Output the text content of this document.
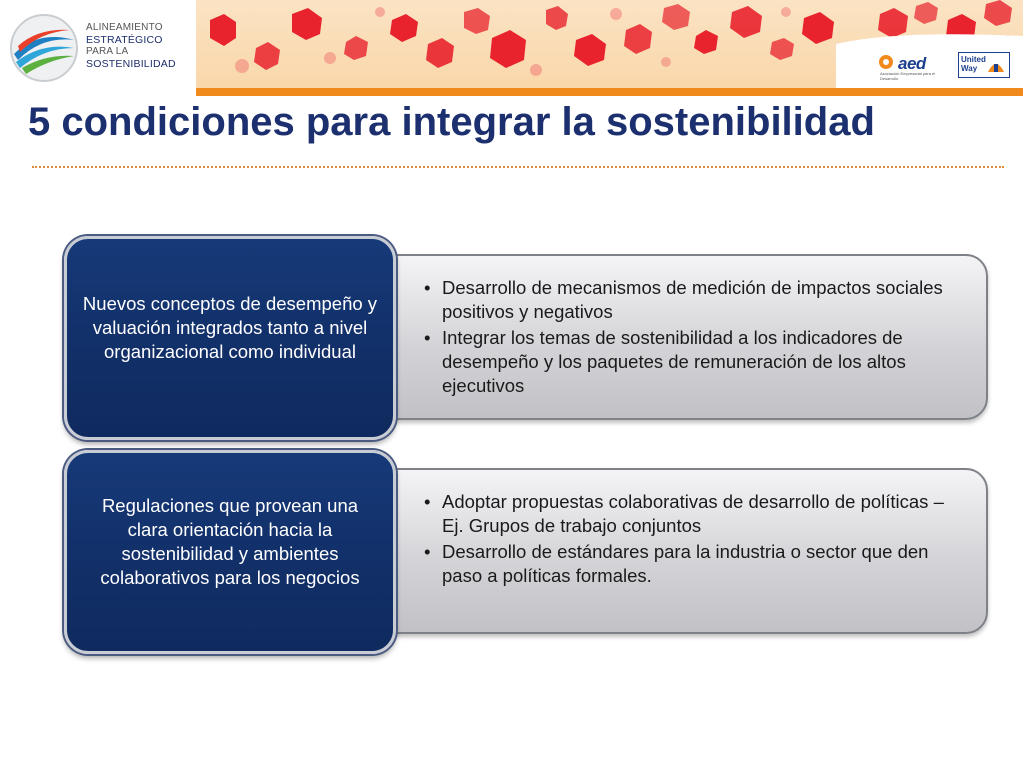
ALINEAMIENTO
ESTRATÉGICO
PARA LA
SOSTENIBILIDAD	aed
Asociación Empresarial para el Desarrollo
United
Way
5 condiciones para integrar la sostenibilidad
• Desarrollo de mecanismos de medición de impactos sociales positivos y negativos
• Integrar los temas de sostenibilidad a los indicadores de desempeño y los paquetes de remuneración de los altos ejecutivos
Nuevos conceptos de desempeño y valuación integrados tanto a nivel organizacional como individual
• Adoptar propuestas colaborativas de desarrollo de políticas – Ej. Grupos de trabajo conjuntos
• Desarrollo de estándares para la industria o sector que den paso a políticas formales.
Regulaciones que provean una clara orientación hacia la sostenibilidad y ambientes colaborativos para los negocios
